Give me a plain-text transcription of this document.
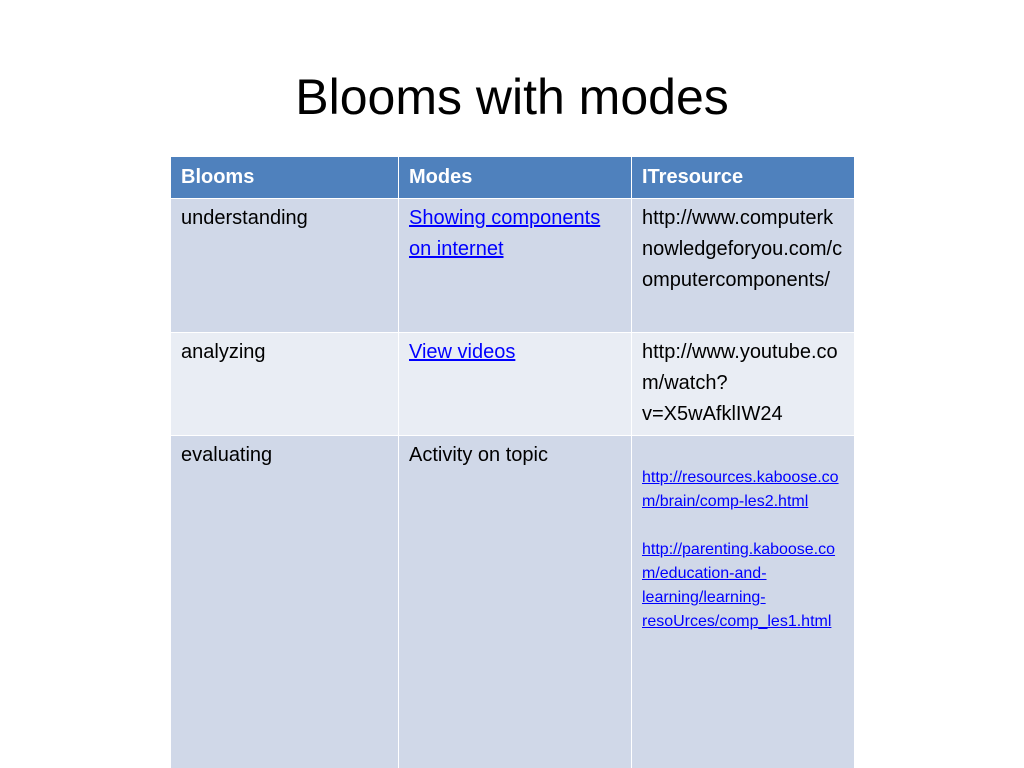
Blooms with modes
Blooms	Modes	ITresource
understanding	Showing components on internet	http://www.computerknowledgeforyou.com/computercomponents/
analyzing	View videos	http://www.youtube.com/watch?v=X5wAfklIW24
evaluating	Activity on topic	http://resources.kaboose.com/brain/comp-les2.html
http://parenting.kaboose.com/education-and-learning/learning-resoUrces/comp_les1.html
